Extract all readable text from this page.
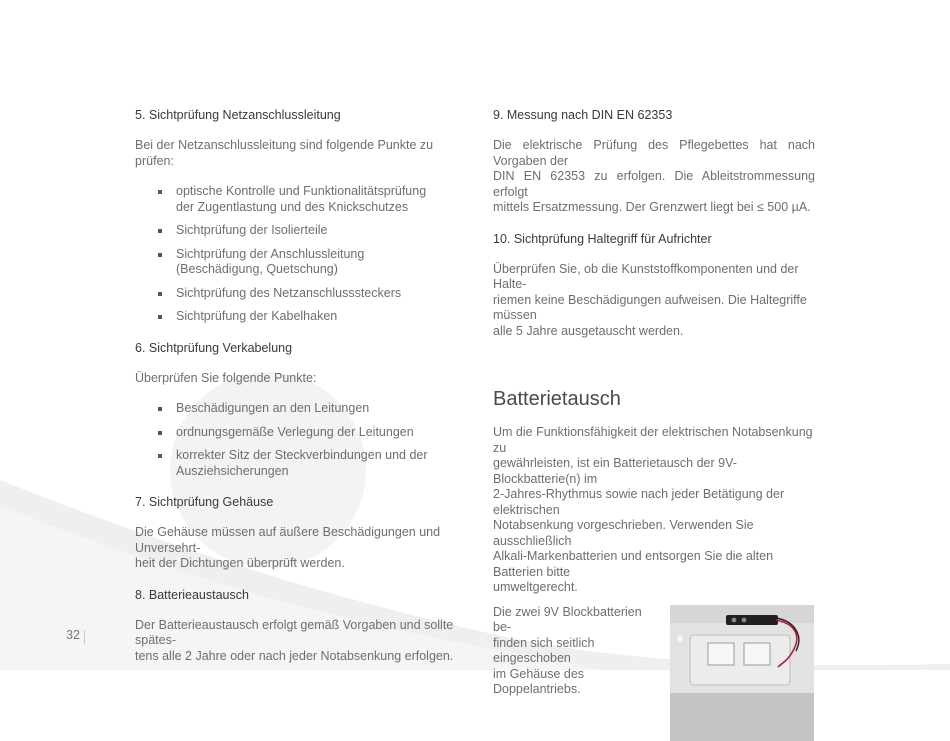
5. Sichtprüfung Netzanschlussleitung

Bei der Netzanschlussleitung sind folgende Punkte zu prüfen:

optische Kontrolle und Funktionalitätsprüfung
der Zugentlastung und des Knickschutzes
Sichtprüfung der Isolierteile
Sichtprüfung der Anschlussleitung
(Beschädigung, Quetschung)
Sichtprüfung des Netzanschlusssteckers
Sichtprüfung der Kabelhaken

6. Sichtprüfung Verkabelung

Überprüfen Sie folgende Punkte:

Beschädigungen an den Leitungen
ordnungsgemäße Verlegung der Leitungen
korrekter Sitz der Steckverbindungen und der
Ausziehsicherungen

7. Sichtprüfung Gehäuse

Die Gehäuse müssen auf äußere Beschädigungen und Unversehrt-
heit der Dichtungen überprüft werden.

8. Batterieaustausch

Der Batterieaustausch erfolgt gemäß Vorgaben und sollte spätes-
tens alle 2 Jahre oder nach jeder Notabsenkung erfolgen.

9. Messung nach DIN EN 62353

Die elektrische Prüfung des Pflegebettes hat nach Vorgaben der
DIN EN 62353 zu erfolgen. Die Ableitstrommessung erfolgt
mittels Ersatzmessung. Der Grenzwert liegt bei ≤ 500 µA.

10. Sichtprüfung Haltegriff für Aufrichter

Überprüfen Sie, ob die Kunststoffkomponenten und der Halte-
riemen keine Beschädigungen aufweisen. Die Haltegriffe müssen
alle 5 Jahre ausgetauscht werden.

Batterietausch

Um die Funktionsfähigkeit der elektrischen Notabsenkung zu
gewährleisten, ist ein Batterietausch der 9V-Blockbatterie(n) im
2-Jahres-Rhythmus sowie nach jeder Betätigung der elektrischen
Notabsenkung vorgeschrieben. Verwenden Sie ausschließlich
Alkali-Markenbatterien und entsorgen Sie die alten Batterien bitte
umweltgerecht.

Die zwei 9V Blockbatterien be-
finden sich seitlich eingeschoben
im Gehäuse des Doppelantriebs.

32
